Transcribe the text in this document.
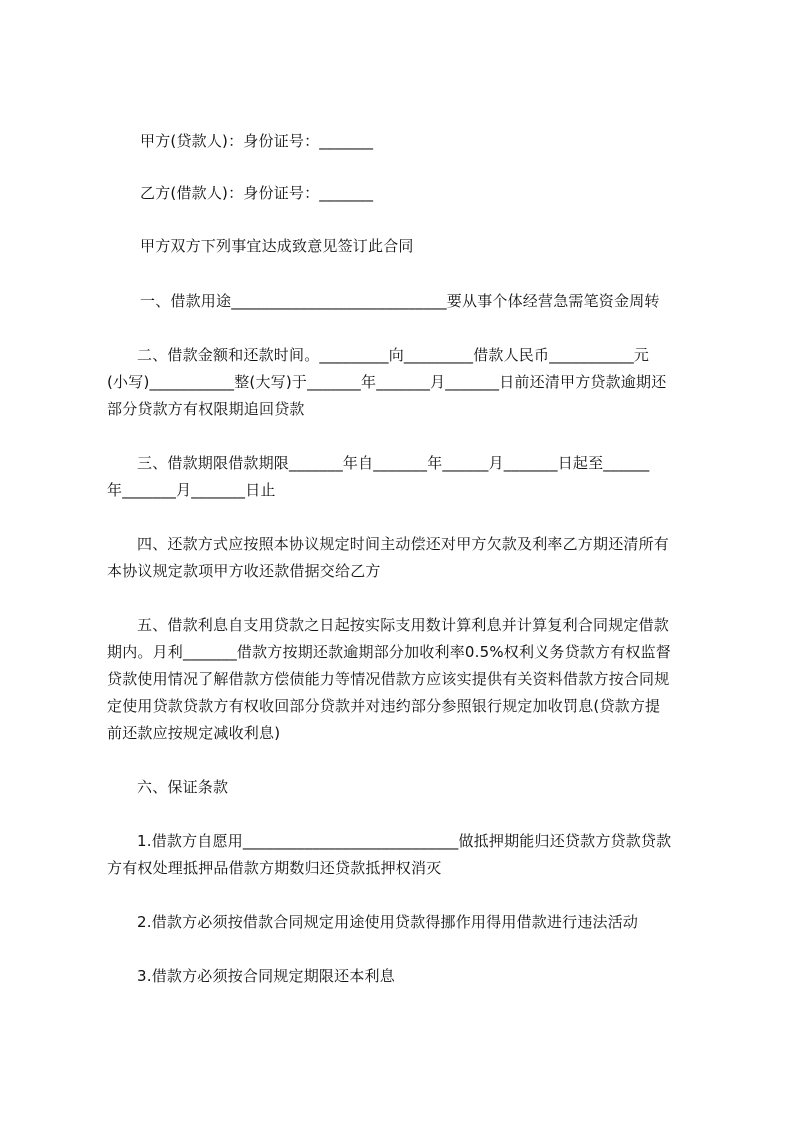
甲方(贷款人)：身份证号：_______
乙方(借款人)：身份证号：_______
甲方双方下列事宜达成致意见签订此合同
一、借款用途____________________________要从事个体经营急需笔资金周转
二、借款金额和还款时间。_________向_________借款人民币___________元
(小写)___________整(大写)于_______年_______月_______日前还清甲方贷款逾期还
部分贷款方有权限期追回贷款
三、借款期限借款期限_______年自_______年______月_______日起至______
年_______月_______日止
四、还款方式应按照本协议规定时间主动偿还对甲方欠款及利率乙方期还清所有
本协议规定款项甲方收还款借据交给乙方
五、借款利息自支用贷款之日起按实际支用数计算利息并计算复利合同规定借款
期内。月利_______借款方按期还款逾期部分加收利率0.5%权利义务贷款方有权监督
贷款使用情况了解借款方偿债能力等情况借款方应该实提供有关资料借款方按合同规
定使用贷款贷款方有权收回部分贷款并对违约部分参照银行规定加收罚息(贷款方提
前还款应按规定减收利息)
六、保证条款
1.借款方自愿用____________________________做抵押期能归还贷款方贷款贷款
方有权处理抵押品借款方期数归还贷款抵押权消灭
2.借款方必须按借款合同规定用途使用贷款得挪作用得用借款进行违法活动
3.借款方必须按合同规定期限还本利息
